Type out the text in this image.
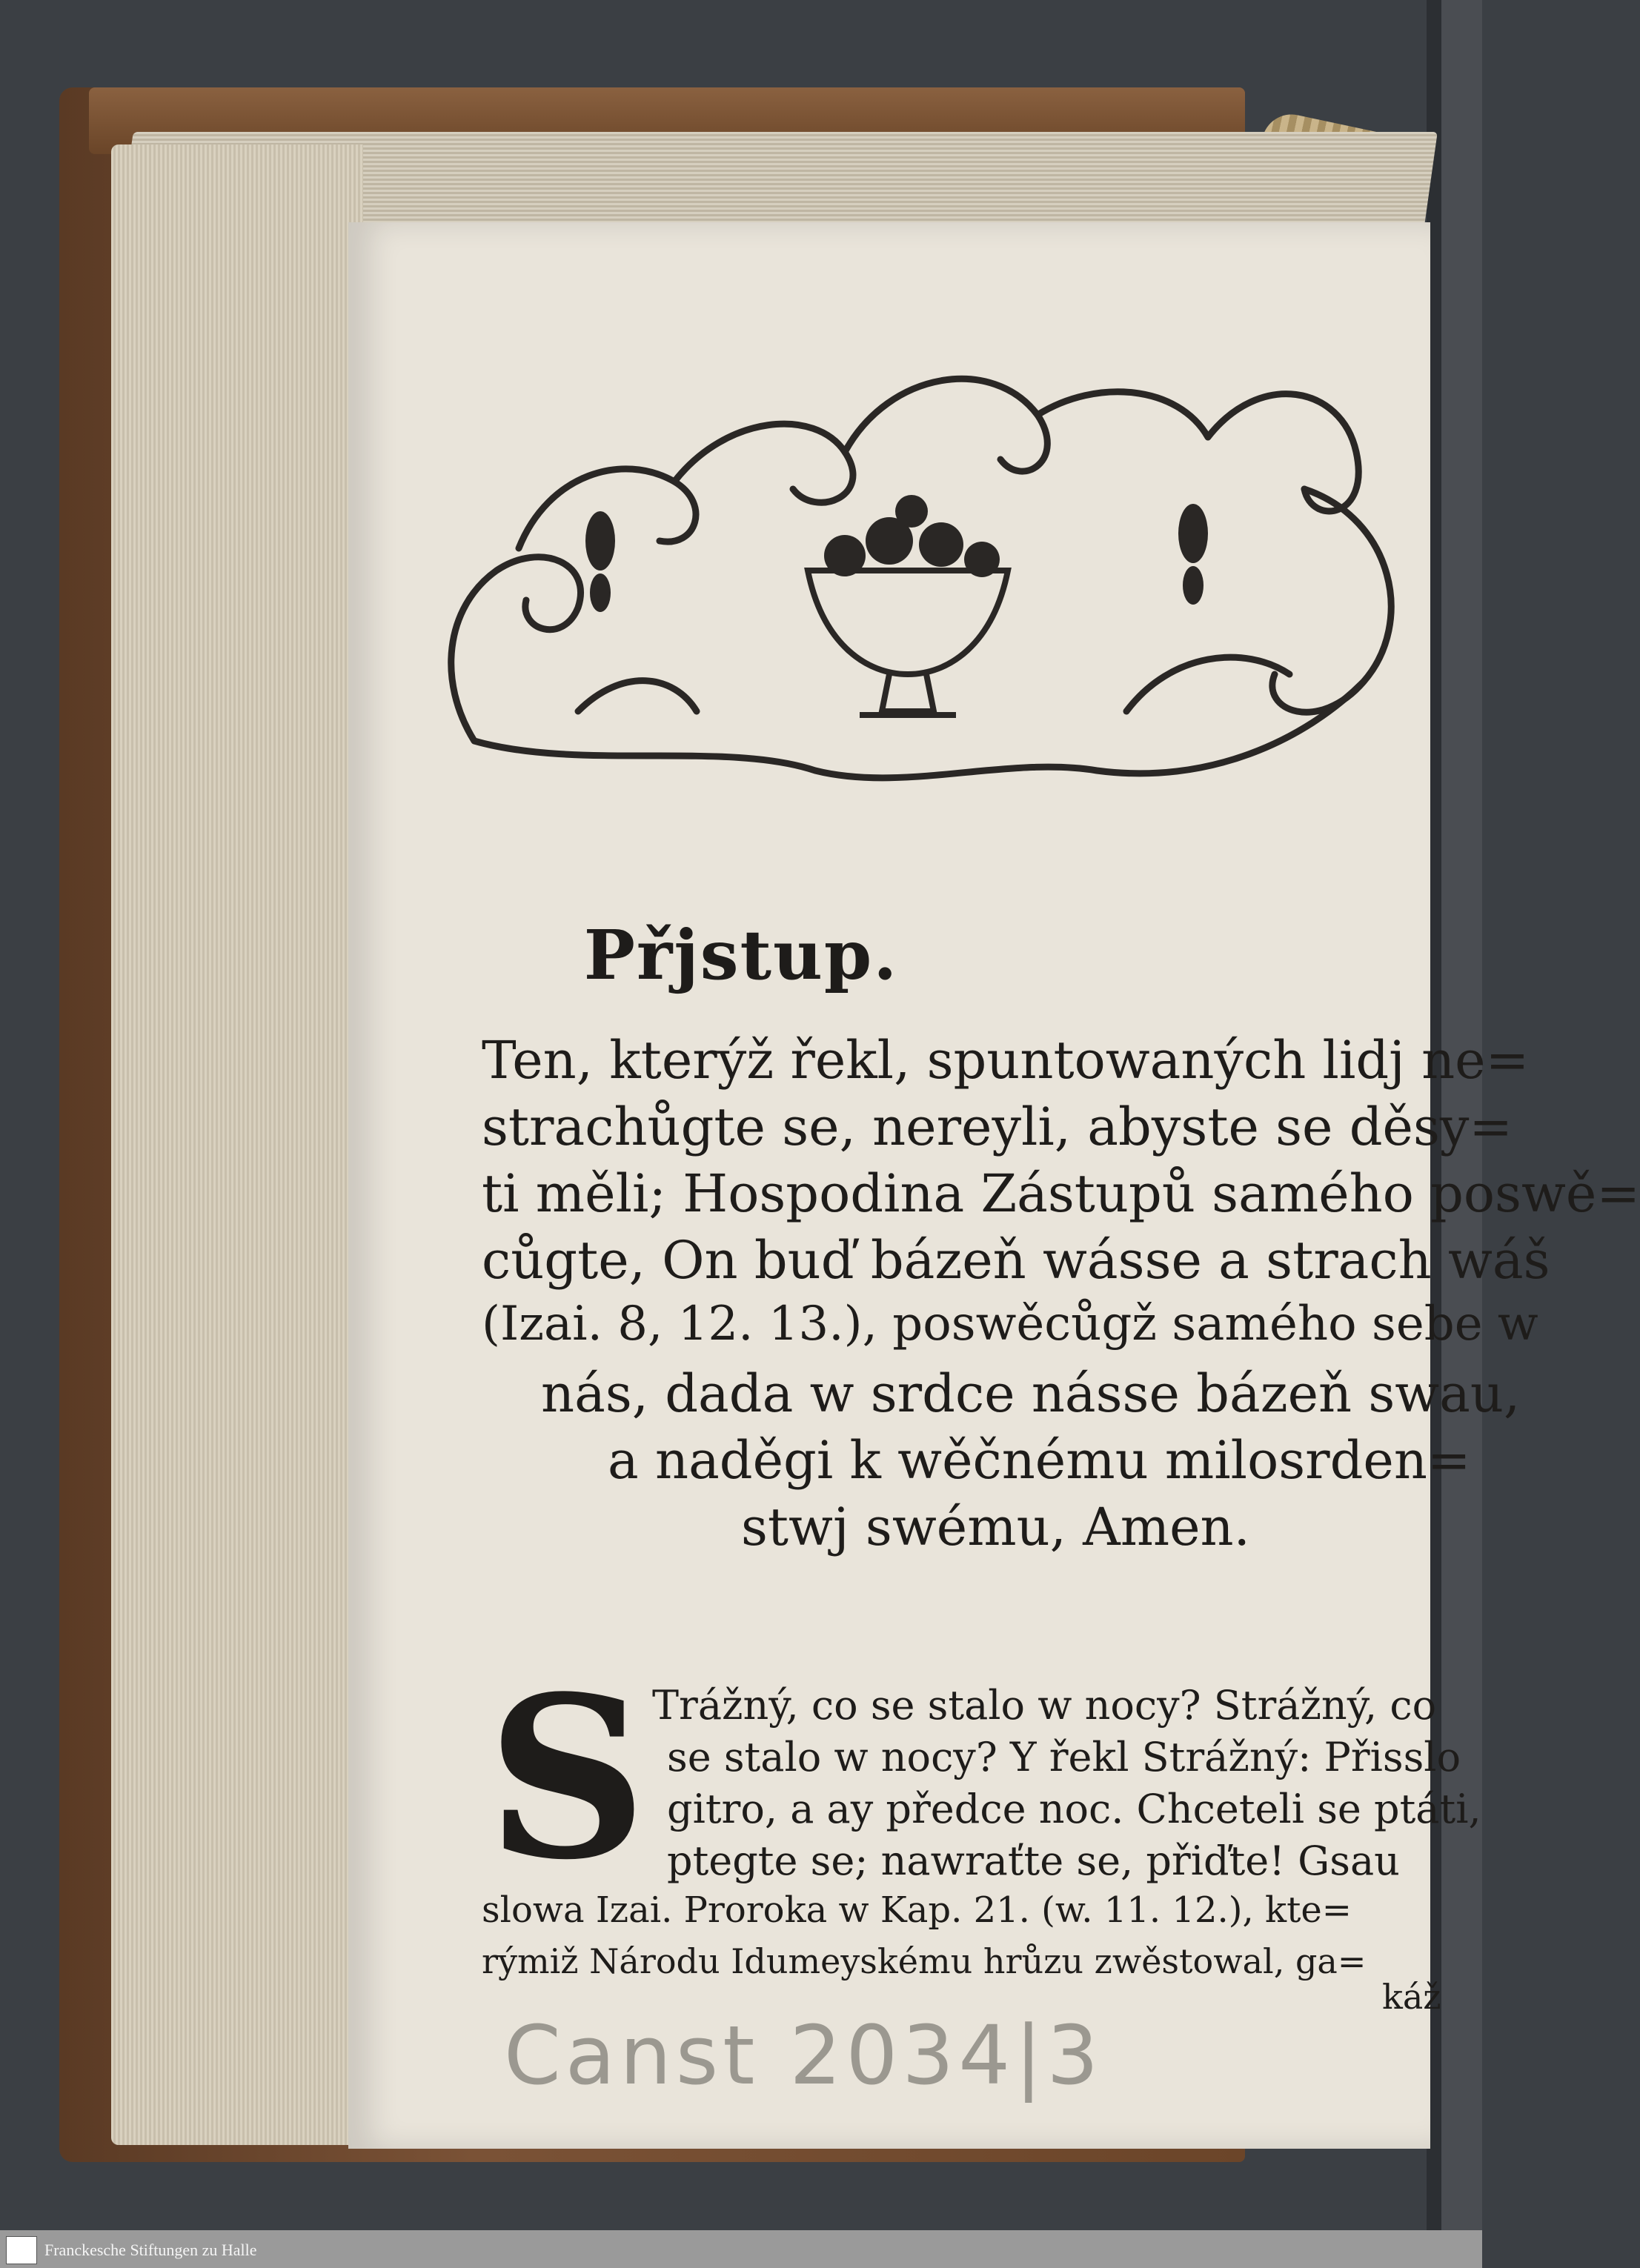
Přjstup.
Ten, kterýž řekl, spuntowaných lidj ne=
strachůgte se, nereyli, abyste se děsy=
ti měli; Hospodina Zástupů samého poswě=
cůgte, On buď bázeň wásse a strach wáš
(Izai. 8, 12. 13.), poswěcůgž samého sebe w
nás, dada w srdce násse bázeň swau,
a naděgi k wěčnému milosrden=
stwj swému, Amen.
S Trážný, co se stalo w nocy? Strážný, co
se stalo w nocy? Y řekl Strážný: Přisslo
gitro, a ay předce noc. Chceteli se ptáti,
ptegte se; nawraťte se, přiďte! Gsau
slowa Izai. Proroka w Kap. 21. (w. 11. 12.), kte=
rýmiž Národu Idumeyskému hrůzu zwěstowal, ga=
káž
Canst 2034|3
Franckesche Stiftungen zu Halle
